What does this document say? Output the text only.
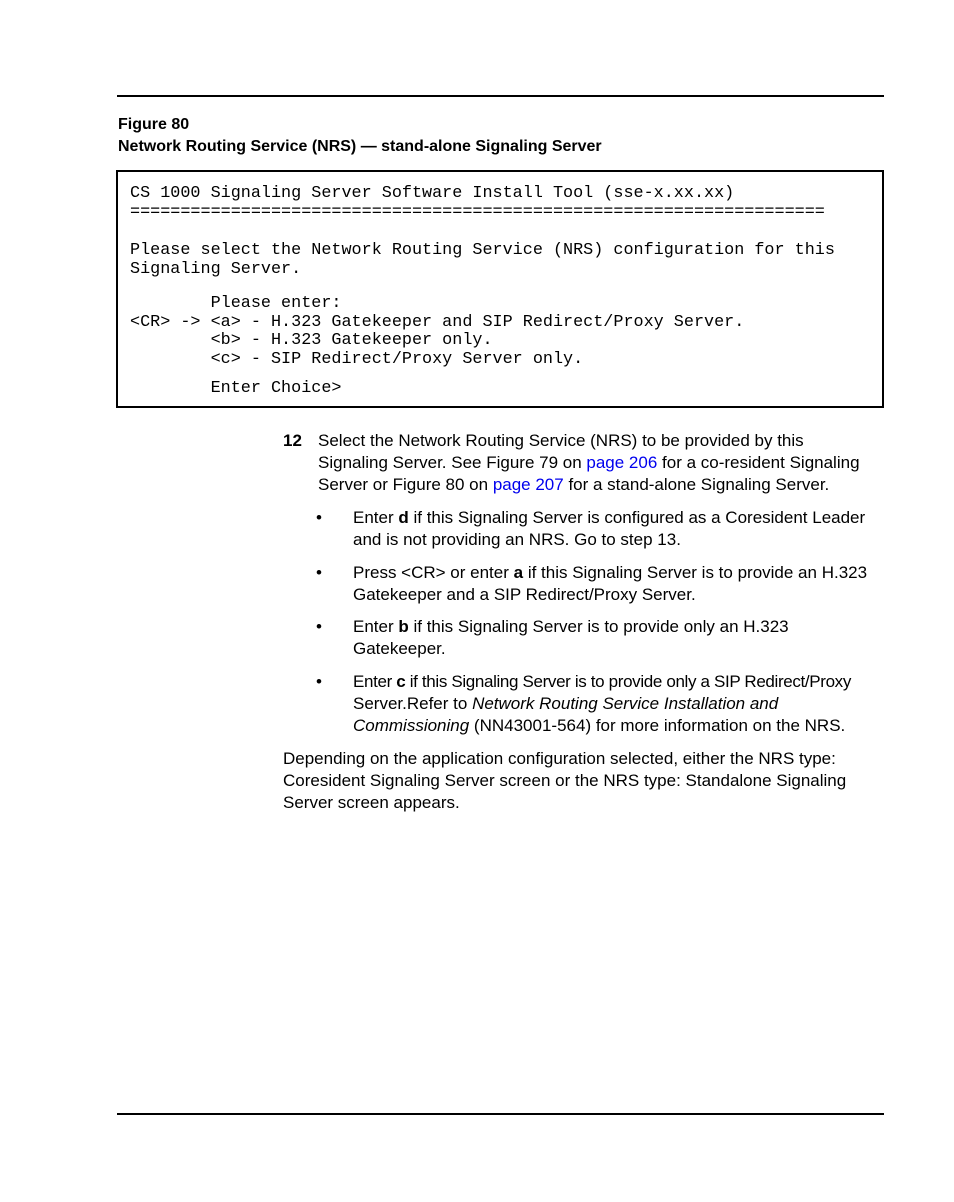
Figure 80
Network Routing Service (NRS) — stand-alone Signaling Server
CS 1000 Signaling Server Software Install Tool (sse-x.xx.xx)
=====================================================================
Please select the Network Routing Service (NRS) configuration for this
Signaling Server.
Please enter:
<CR> -> <a> - H.323 Gatekeeper and SIP Redirect/Proxy Server.
<b> - H.323 Gatekeeper only.
<c> - SIP Redirect/Proxy Server only.
Enter Choice>
12 Select the Network Routing Service (NRS) to be provided by this
Signaling Server. See Figure 79 on page 206 for a co-resident Signaling
Server or Figure 80 on page 207 for a stand-alone Signaling Server.
• Enter d if this Signaling Server is configured as a Coresident Leader
and is not providing an NRS. Go to step 13.
• Press <CR> or enter a if this Signaling Server is to provide an H.323
Gatekeeper and a SIP Redirect/Proxy Server.
• Enter b if this Signaling Server is to provide only an H.323
Gatekeeper.
• Enter c if this Signaling Server is to provide only a SIP Redirect/Proxy
Server.Refer to Network Routing Service Installation and
Commissioning (NN43001-564) for more information on the NRS.
Depending on the application configuration selected, either the NRS type:
Coresident Signaling Server screen or the NRS type: Standalone Signaling
Server screen appears.
